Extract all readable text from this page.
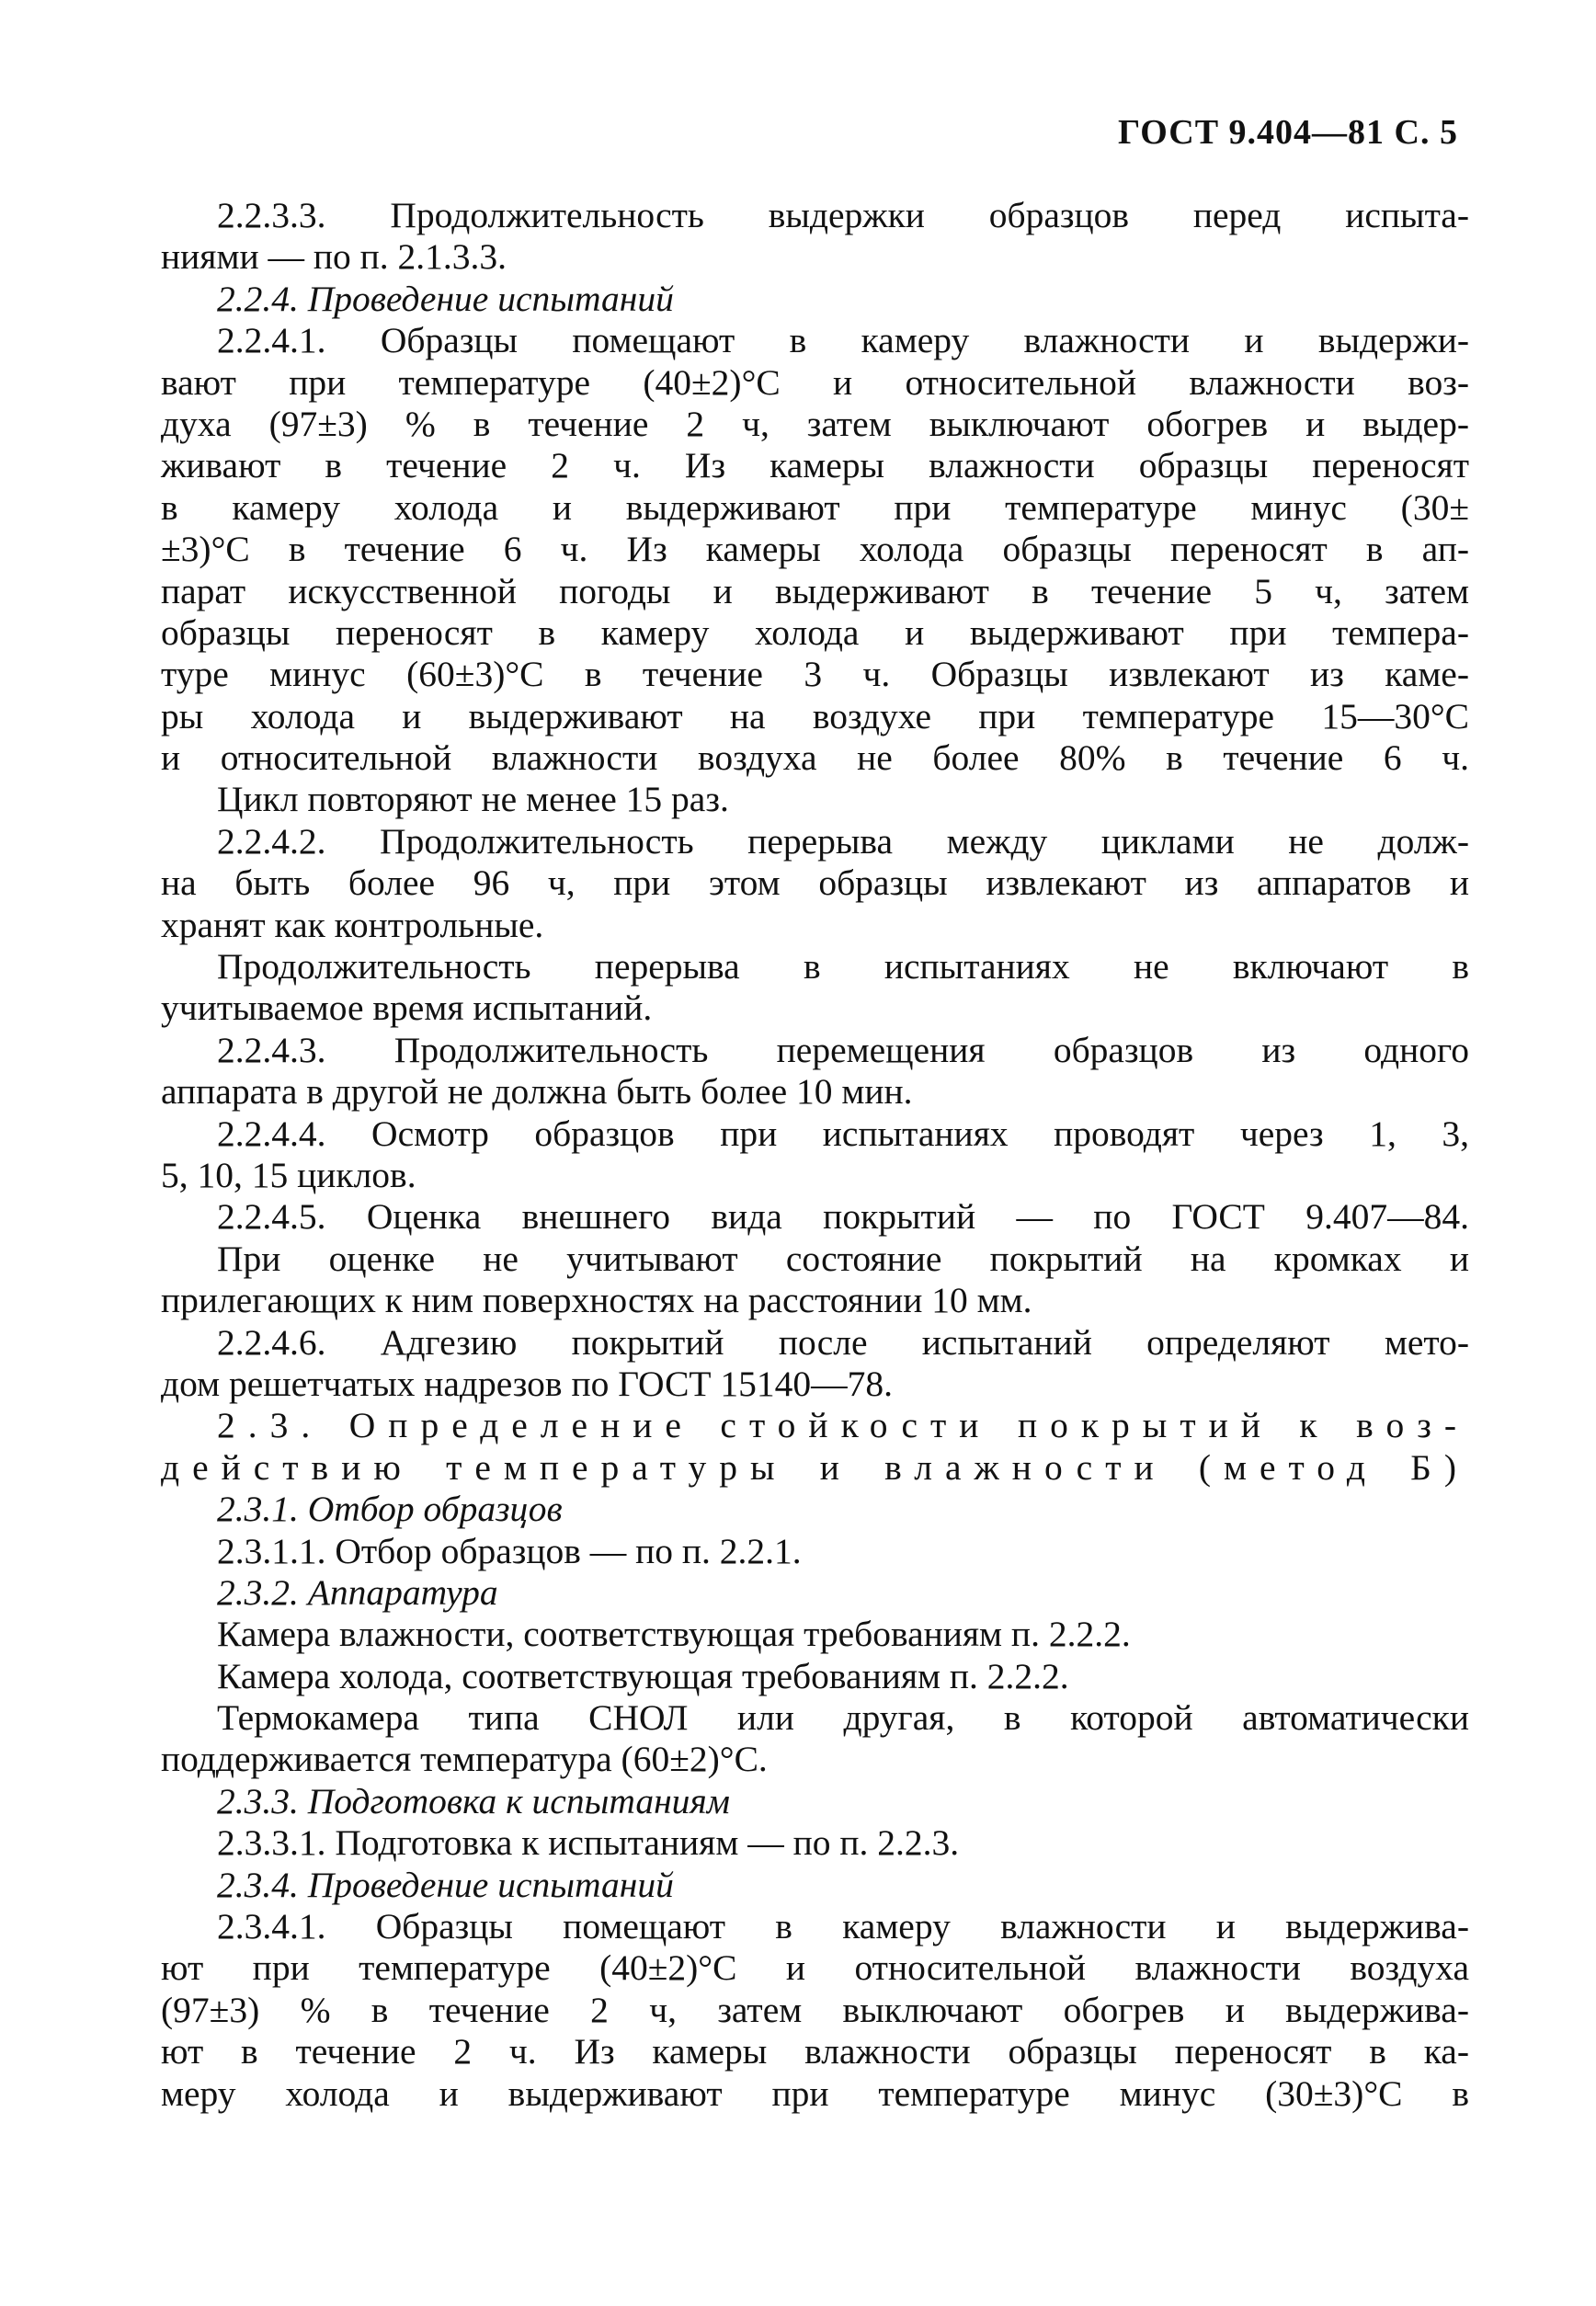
ГОСТ 9.404—81 С. 5
2.2.3.3. Продолжительность выдержки образцов перед испыта-
ниями — по п. 2.1.3.3.
2.2.4. Проведение испытаний
2.2.4.1. Образцы помещают в камеру влажности и выдержи-
вают при температуре (40±2)°С и относительной влажности воз-
духа (97±3) % в течение 2 ч, затем выключают обогрев и выдер-
живают в течение 2 ч. Из камеры влажности образцы переносят
в камеру холода и выдерживают при температуре минус (30±
±3)°С в течение 6 ч. Из камеры холода образцы переносят в ап-
парат искусственной погоды и выдерживают в течение 5 ч, затем
образцы переносят в камеру холода и выдерживают при темпера-
туре минус (60±3)°С в течение 3 ч. Образцы извлекают из каме-
ры холода и выдерживают на воздухе при температуре 15—30°С
и относительной влажности воздуха не более 80% в течение 6 ч.
Цикл повторяют не менее 15 раз.
2.2.4.2. Продолжительность перерыва между циклами не долж-
на быть более 96 ч, при этом образцы извлекают из аппаратов и
хранят как контрольные.
Продолжительность перерыва в испытаниях не включают в
учитываемое время испытаний.
2.2.4.3. Продолжительность перемещения образцов из одного
аппарата в другой не должна быть более 10 мин.
2.2.4.4. Осмотр образцов при испытаниях проводят через 1, 3,
5, 10, 15 циклов.
2.2.4.5. Оценка внешнего вида покрытий — по ГОСТ 9.407—84.
При оценке не учитывают состояние покрытий на кромках и
прилегающих к ним поверхностях на расстоянии 10 мм.
2.2.4.6. Адгезию покрытий после испытаний определяют мето-
дом решетчатых надрезов по ГОСТ 15140—78.
2.3. Определение стойкости покрытий к воз-
действию температуры и влажности (метод Б)
2.3.1. Отбор образцов
2.3.1.1. Отбор образцов — по п. 2.2.1.
2.3.2. Аппаратура
Камера влажности, соответствующая требованиям п. 2.2.2.
Камера холода, соответствующая требованиям п. 2.2.2.
Термокамера типа СНОЛ или другая, в которой автоматически
поддерживается температура (60±2)°С.
2.3.3. Подготовка к испытаниям
2.3.3.1. Подготовка к испытаниям — по п. 2.2.3.
2.3.4. Проведение испытаний
2.3.4.1. Образцы помещают в камеру влажности и выдержива-
ют при температуре (40±2)°С и относительной влажности воздуха
(97±3) % в течение 2 ч, затем выключают обогрев и выдержива-
ют в течение 2 ч. Из камеры влажности образцы переносят в ка-
меру холода и выдерживают при температуре минус (30±3)°С в
